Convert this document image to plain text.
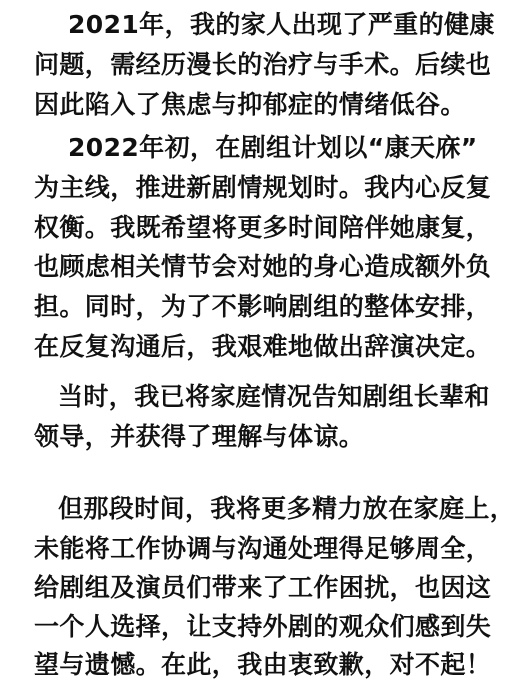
2021年，我的家人出现了严重的健康
问题，需经历漫长的治疗与手术。后续也
因此陷入了焦虑与抑郁症的情绪低谷。
2022年初，在剧组计划以“康天庥”
为主线，推进新剧情规划时。我内心反复
权衡。我既希望将更多时间陪伴她康复，
也顾虑相关情节会对她的身心造成额外负
担。同时，为了不影响剧组的整体安排，
在反复沟通后，我艰难地做出辞演决定。
当时，我已将家庭情况告知剧组长辈和
领导，并获得了理解与体谅。
但那段时间，我将更多精力放在家庭上，
未能将工作协调与沟通处理得足够周全，
给剧组及演员们带来了工作困扰，也因这
一个人选择，让支持外剧的观众们感到失
望与遗憾。在此，我由衷致歉，对不起！
